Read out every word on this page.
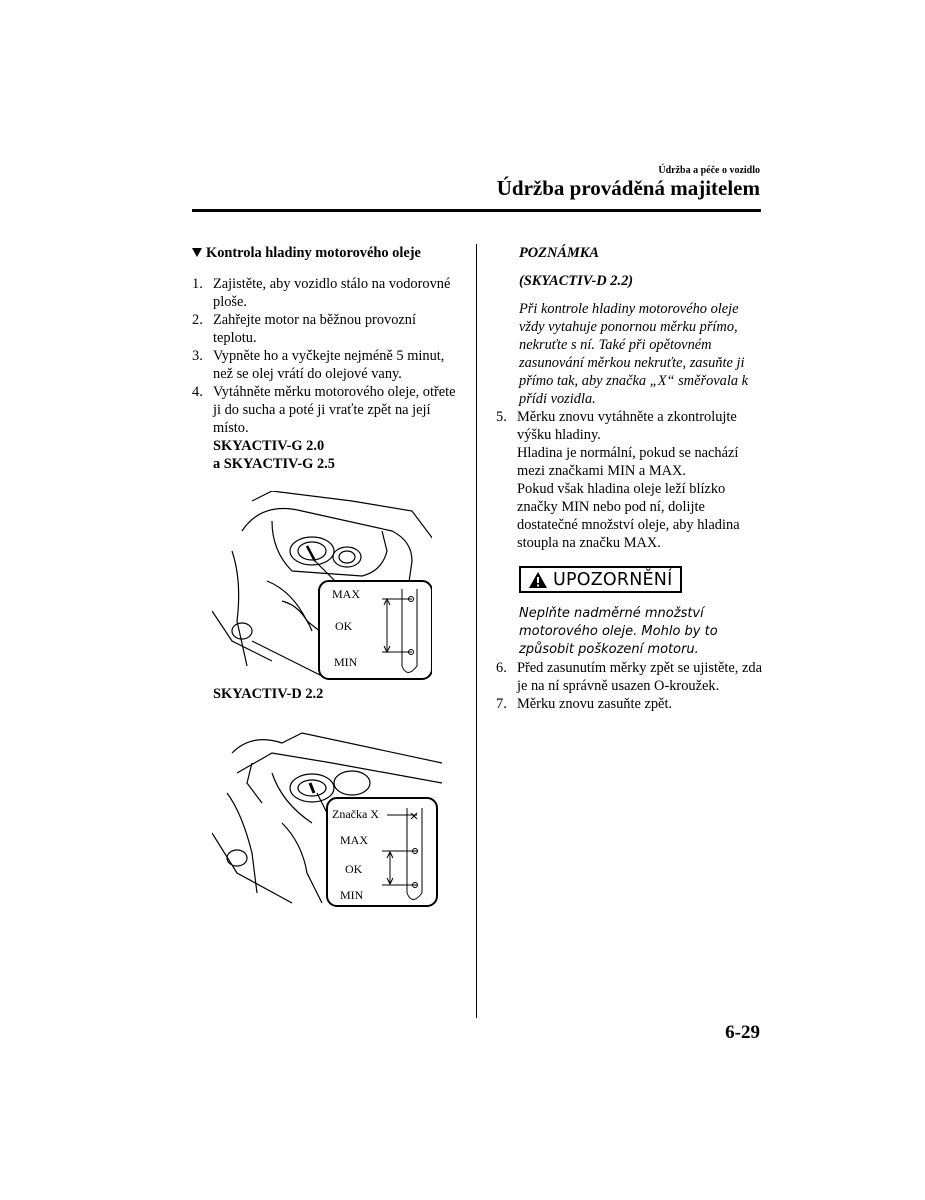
Údržba a péče o vozidlo
Údržba prováděná majitelem
Kontrola hladiny motorového oleje
1. Zajistěte, aby vozidlo stálo na vodorovné ploše.
2. Zahřejte motor na běžnou provozní teplotu.
3. Vypněte ho a vyčkejte nejméně 5 minut, než se olej vrátí do olejové vany.
4. Vytáhněte měrku motorového oleje, otřete ji do sucha a poté ji vraťte zpět na její místo.
SKYACTIV-G 2.0
a SKYACTIV-G 2.5
MAX
OK
MIN
SKYACTIV-D 2.2
Značka X
MAX
OK
MIN

POZNÁMKA

(SKYACTIV-D 2.2)

Při kontrole hladiny motorového oleje vždy vytahuje ponornou měrku přímo, nekruťte s ní. Také při opětovném zasunování měrkou nekruťte, zasuňte ji přímo tak, aby značka „X“ směřovala k přídi vozidla.

5. Měrku znovu vytáhněte a zkontrolujte výšku hladiny.
Hladina je normální, pokud se nachází mezi značkami MIN a MAX.
Pokud však hladina oleje leží blízko značky MIN nebo pod ní, dolijte dostatečné množství oleje, aby hladina stoupla na značku MAX.
UPOZORNĚNÍ

Neplňte nadměrné množství motorového oleje. Mohlo by to způsobit poškození motoru.

6. Před zasunutím měrky zpět se ujistěte, zda je na ní správně usazen O-kroužek.
7. Měrku znovu zasuňte zpět.
6-29
